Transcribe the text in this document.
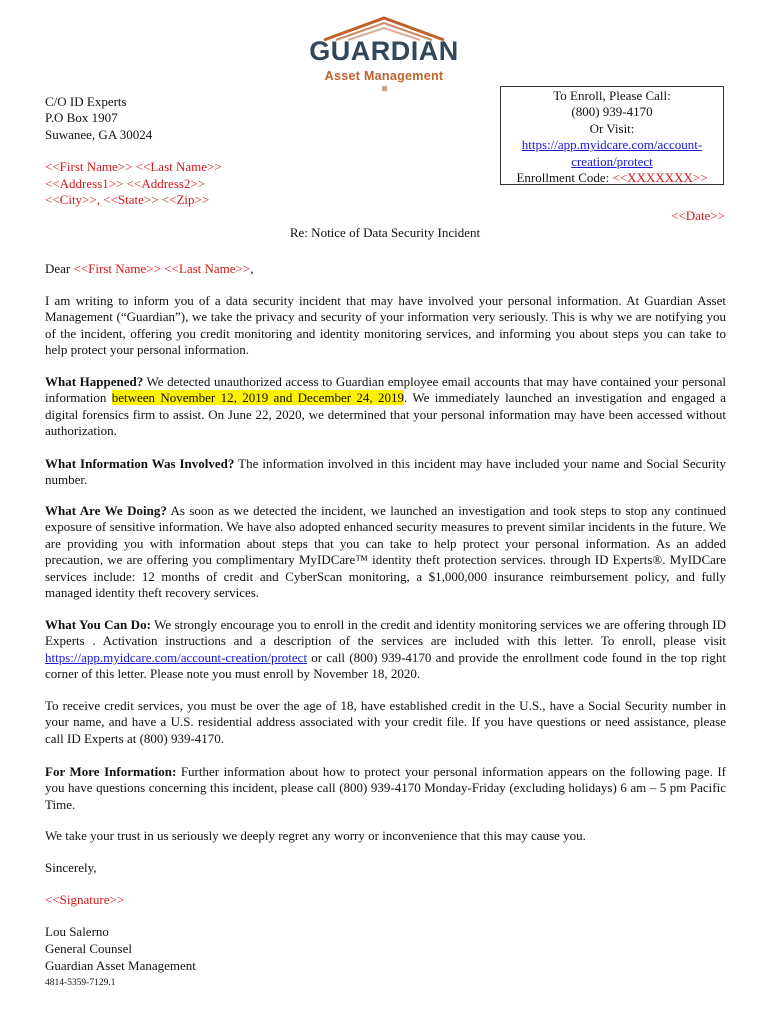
GUARDIAN
Asset Management
C/O ID Experts
P.O Box 1907
Suwanee, GA 30024
<<First Name>> <<Last Name>>
<<Address1>> <<Address2>>
<<City>>, <<State>> <<Zip>>
To Enroll, Please Call:
(800) 939-4170
Or Visit:
https://app.myidcare.com/account-
creation/protect
Enrollment Code: <<XXXXXXX>>
<<Date>>
Re: Notice of Data Security Incident
Dear <<First Name>> <<Last Name>>,
I am writing to inform you of a data security incident that may have involved your personal information. At Guardian Asset Management (“Guardian”), we take the privacy and security of your information very seriously. This is why we are notifying you of the incident, offering you credit monitoring and identity monitoring services, and informing you about steps you can take to help protect your personal information.
What Happened? We detected unauthorized access to Guardian employee email accounts that may have contained your personal information between November 12, 2019 and December 24, 2019. We immediately launched an investigation and engaged a digital forensics firm to assist. On June 22, 2020, we determined that your personal information may have been accessed without authorization.
What Information Was Involved? The information involved in this incident may have included your name and Social Security number.
What Are We Doing? As soon as we detected the incident, we launched an investigation and took steps to stop any continued exposure of sensitive information. We have also adopted enhanced security measures to prevent similar incidents in the future. We are providing you with information about steps that you can take to help protect your personal information. As an added precaution, we are offering you complimentary MyIDCare™ identity theft protection services. through ID Experts®. MyIDCare services include: 12 months of credit and CyberScan monitoring, a $1,000,000 insurance reimbursement policy, and fully managed identity theft recovery services.
What You Can Do: We strongly encourage you to enroll in the credit and identity monitoring services we are offering through ID Experts . Activation instructions and a description of the services are included with this letter. To enroll, please visit https://app.myidcare.com/account-creation/protect or call (800) 939-4170 and provide the enrollment code found in the top right corner of this letter. Please note you must enroll by November 18, 2020.
To receive credit services, you must be over the age of 18, have established credit in the U.S., have a Social Security number in your name, and have a U.S. residential address associated with your credit file. If you have questions or need assistance, please call ID Experts at (800) 939-4170.
For More Information: Further information about how to protect your personal information appears on the following page. If you have questions concerning this incident, please call (800) 939-4170 Monday-Friday (excluding holidays) 6 am – 5 pm Pacific Time.
We take your trust in us seriously we deeply regret any worry or inconvenience that this may cause you.
Sincerely,
<<Signature>>
Lou Salerno
General Counsel
Guardian Asset Management
4814-5359-7129.1
